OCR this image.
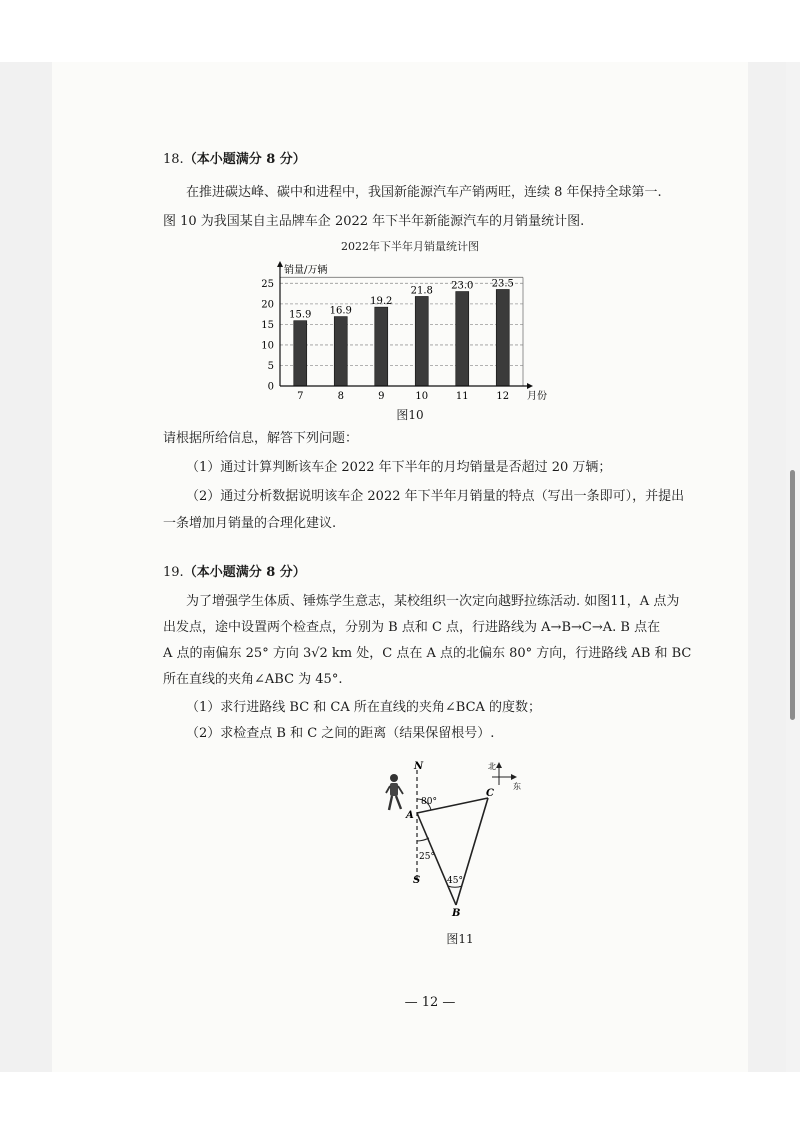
18.（本小题满分 8 分）
在推进碳达峰、碳中和进程中，我国新能源汽车产销两旺，连续 8 年保持全球第一.
图 10 为我国某自主品牌车企 2022 年下半年新能源汽车的月销量统计图.
2022年下半年月销量统计图
15.9 16.9
19.2
21.8 23.0 23.5
0
5
10
15
20
25
7	8	9	10	11	12
销量/万辆
月份
图10
请根据所给信息，解答下列问题：
（1）通过计算判断该车企 2022 年下半年的月均销量是否超过 20 万辆；
（2）通过分析数据说明该车企 2022 年下半年月销量的特点（写出一条即可），并提出
一条增加月销量的合理化建议.
19.（本小题满分 8 分）
为了增强学生体质、锤炼学生意志，某校组织一次定向越野拉练活动. 如图11，A 点为
出发点，途中设置两个检查点，分别为 B 点和 C 点，行进路线为 A→B→C→A. B 点在
A 点的南偏东 25° 方向 3√2 km 处，C 点在 A 点的北偏东 80° 方向，行进路线 AB 和 BC
所在直线的夹角∠ABC 为 45°.
（1）求行进路线 BC 和 CA 所在直线的夹角∠BCA 的度数；
（2）求检查点 B 和 C 之间的距离（结果保留根号）.
北
东
N
A
C
S
B
80°
25°
45°
图11
— 12 —
